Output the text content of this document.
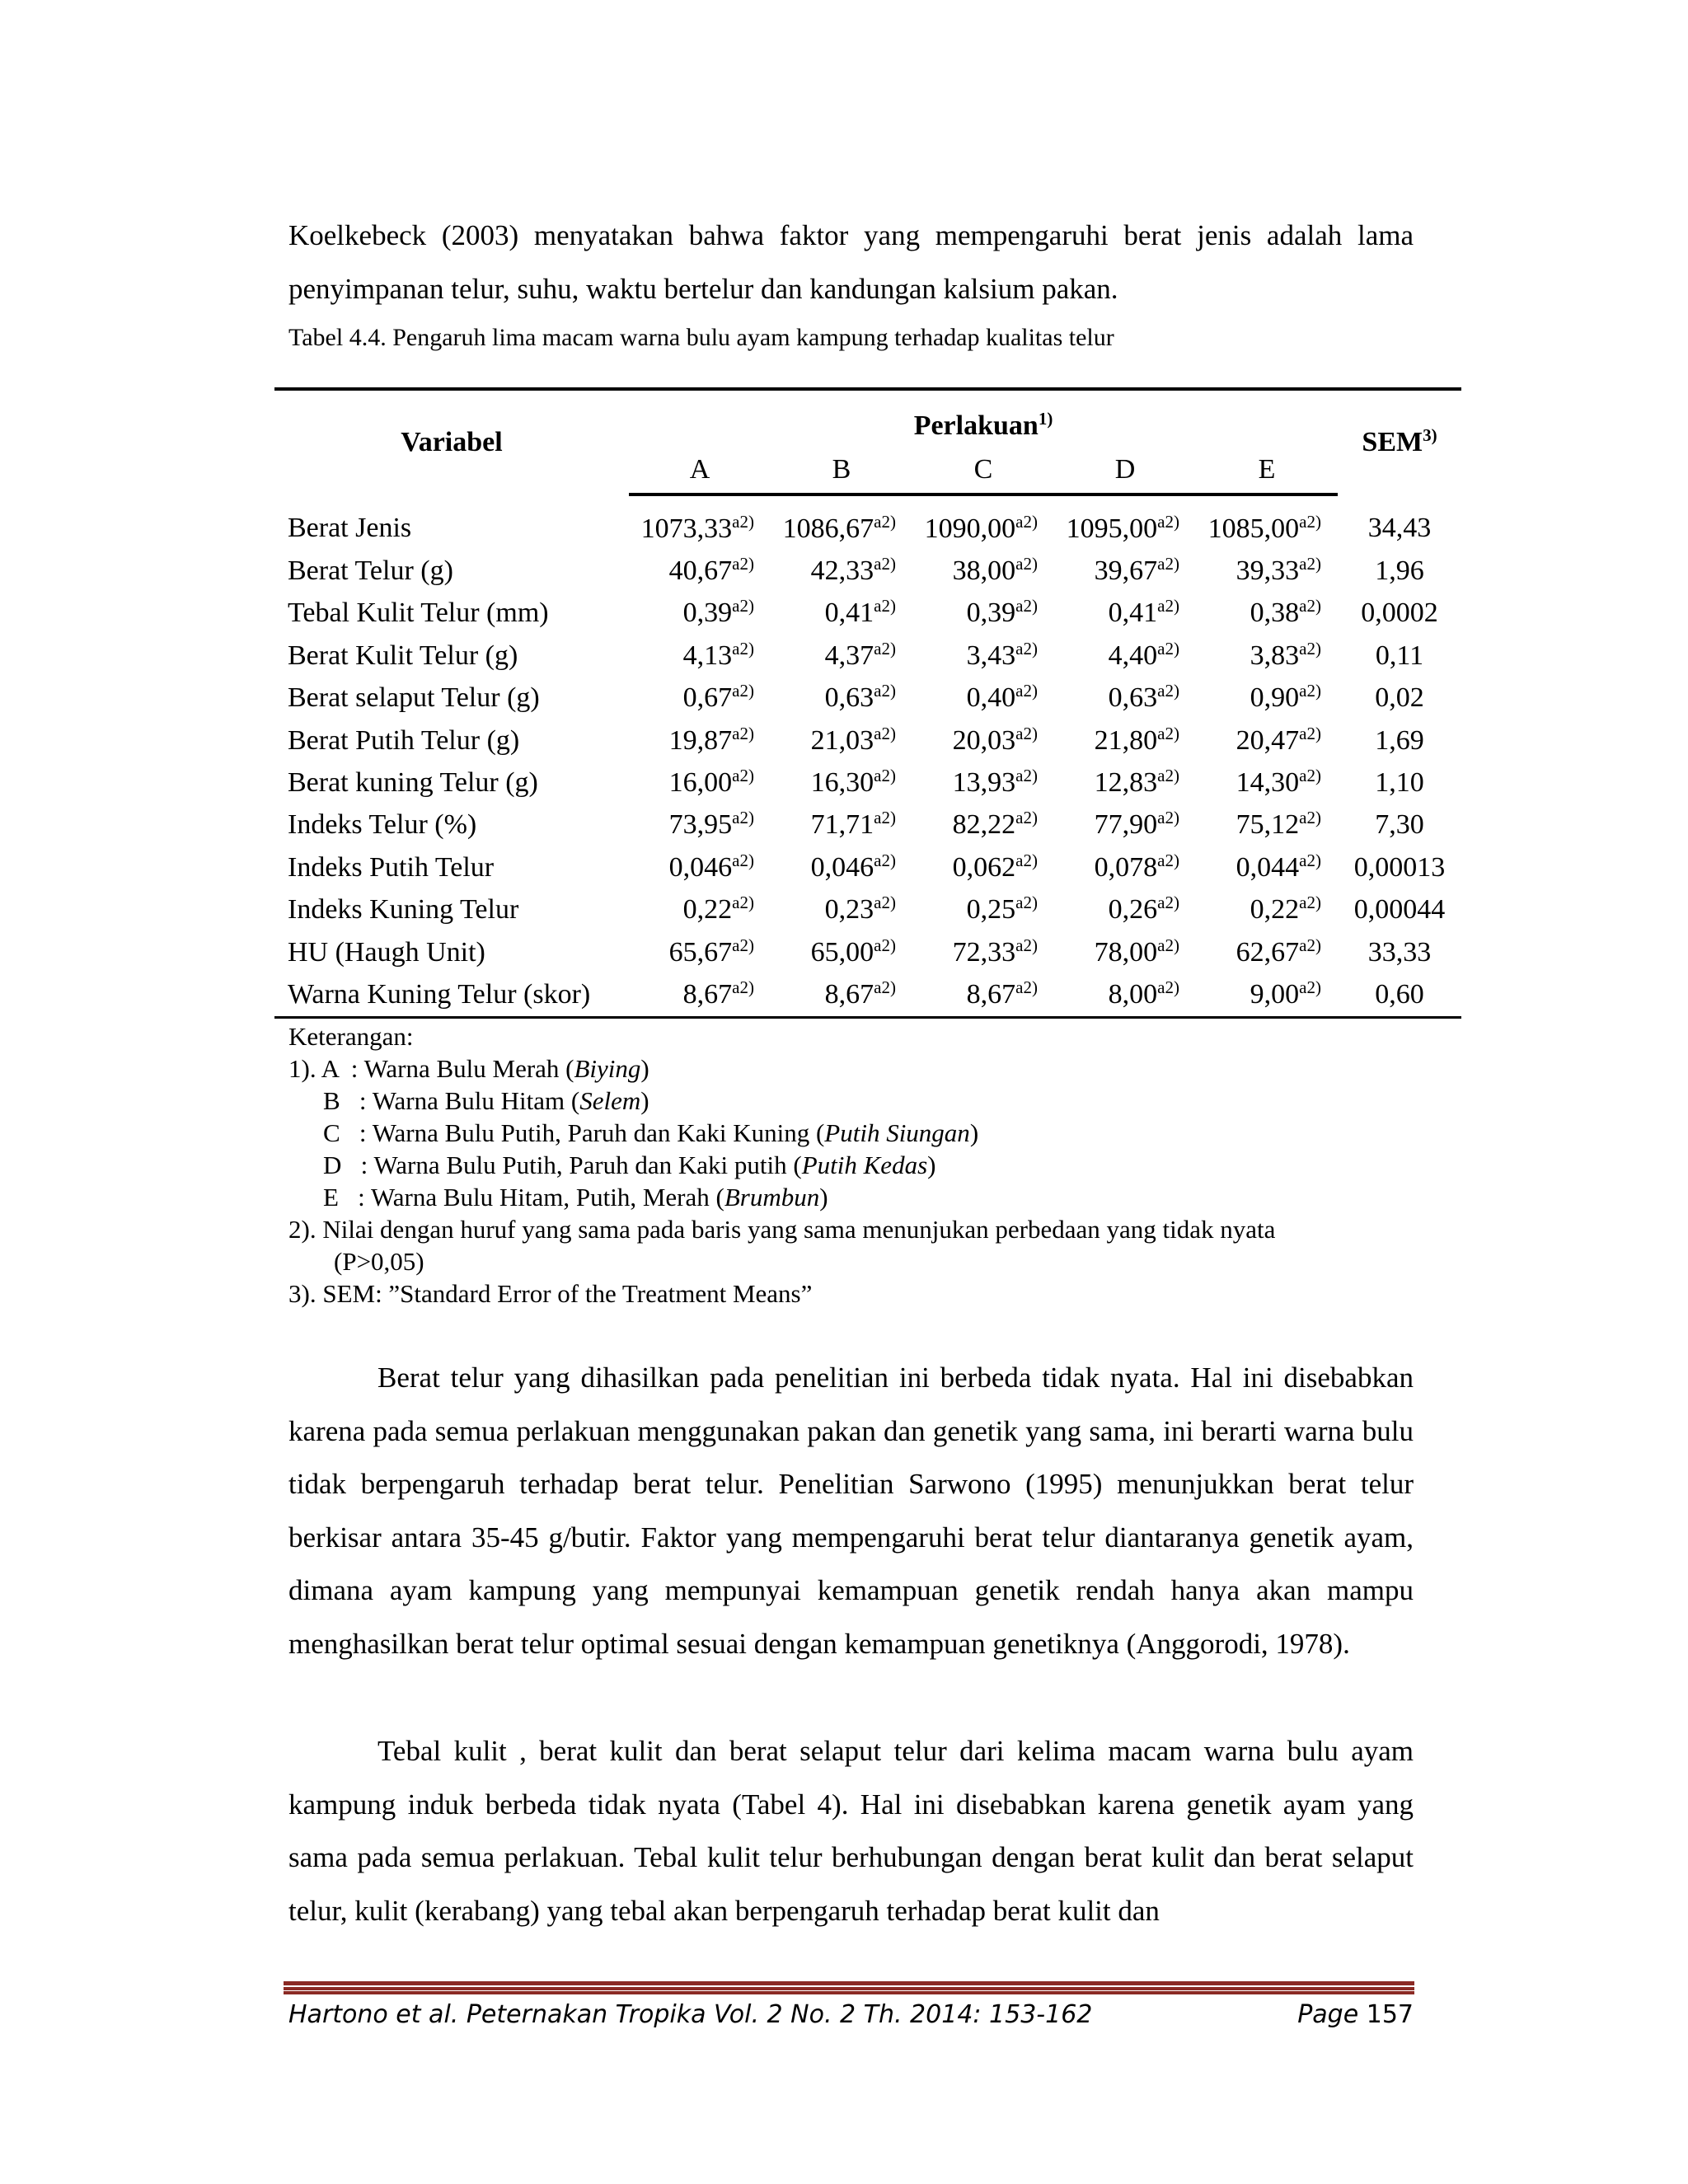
Koelkebeck (2003) menyatakan bahwa faktor yang mempengaruhi berat jenis adalah lama penyimpanan telur, suhu, waktu bertelur dan kandungan kalsium pakan.

Tabel 4.4. Pengaruh lima macam warna bulu ayam kampung terhadap kualitas telur
Variabel	Perlakuan$^{1)}$					SEM$^{3)}$
	A	B	C	D	E	
Berat Jenis	$1073,33^{a2)}$	$1086,67^{a2)}$	$1090,00^{a2)}$	$1095,00^{a2)}$	$1085,00^{a2)}$	34,43
Berat Telur (g)	$40,67^{a2)}$	$42,33^{a2)}$	$38,00^{a2)}$	$39,67^{a2)}$	$39,33^{a2)}$	1,96
Tebal Kulit Telur (mm)	$0,39^{a2)}$	$0,41^{a2)}$	$0,39^{a2)}$	$0,41^{a2)}$	$0,38^{a2)}$	0,0002
Berat Kulit Telur (g)	$4,13^{a2)}$	$4,37^{a2)}$	$3,43^{a2)}$	$4,40^{a2)}$	$3,83^{a2)}$	0,11
Berat selaput Telur (g)	$0,67^{a2)}$	$0,63^{a2)}$	$0,40^{a2)}$	$0,63^{a2)}$	$0,90^{a2)}$	0,02
Berat Putih Telur (g)	$19,87^{a2)}$	$21,03^{a2)}$	$20,03^{a2)}$	$21,80^{a2)}$	$20,47^{a2)}$	1,69
Berat kuning Telur (g)	$16,00^{a2)}$	$16,30^{a2)}$	$13,93^{a2)}$	$12,83^{a2)}$	$14,30^{a2)}$	1,10
Indeks Telur (%)	$73,95^{a2)}$	$71,71^{a2)}$	$82,22^{a2)}$	$77,90^{a2)}$	$75,12^{a2)}$	7,30
Indeks Putih Telur	$0,046^{a2)}$	$0,046^{a2)}$	$0,062^{a2)}$	$0,078^{a2)}$	$0,044^{a2)}$	0,00013
Indeks Kuning Telur	$0,22^{a2)}$	$0,23^{a2)}$	$0,25^{a2)}$	$0,26^{a2)}$	$0,22^{a2)}$	0,00044
HU (Haugh Unit)	$65,67^{a2)}$	$65,00^{a2)}$	$72,33^{a2)}$	$78,00^{a2)}$	$62,67^{a2)}$	33,33
Warna Kuning Telur (skor)	$8,67^{a2)}$	$8,67^{a2)}$	$8,67^{a2)}$	$8,00^{a2)}$	$9,00^{a2)}$	0,60
Keterangan:
1). A  : Warna Bulu Merah (Biying)
B   : Warna Bulu Hitam (Selem)
C   : Warna Bulu Putih, Paruh dan Kaki Kuning (Putih Siungan)
D   : Warna Bulu Putih, Paruh dan Kaki putih (Putih Kedas)
E   : Warna Bulu Hitam, Putih, Merah (Brumbun)
2). Nilai dengan huruf yang sama pada baris yang sama menunjukan perbedaan yang tidak nyata
(P>0,05)
3). SEM: ”Standard Error of the Treatment Means”

Berat telur yang dihasilkan pada penelitian ini berbeda tidak nyata. Hal ini disebabkan karena pada semua perlakuan menggunakan pakan dan genetik yang sama, ini berarti warna bulu tidak berpengaruh terhadap berat telur. Penelitian Sarwono (1995) menunjukkan berat telur berkisar antara 35-45 g/butir. Faktor yang mempengaruhi berat telur diantaranya genetik ayam, dimana ayam kampung yang mempunyai kemampuan genetik rendah hanya akan mampu menghasilkan berat telur optimal sesuai dengan kemampuan genetiknya (Anggorodi, 1978).

Tebal kulit , berat kulit dan berat selaput telur dari kelima macam warna bulu ayam kampung induk berbeda tidak nyata (Tabel 4). Hal ini disebabkan karena genetik ayam yang sama pada semua perlakuan. Tebal kulit telur berhubungan dengan berat kulit dan berat selaput telur, kulit (kerabang) yang tebal akan berpengaruh terhadap berat kulit dan

Hartono et al. Peternakan Tropika Vol. 2 No. 2 Th. 2014: 153-162	Page 157
